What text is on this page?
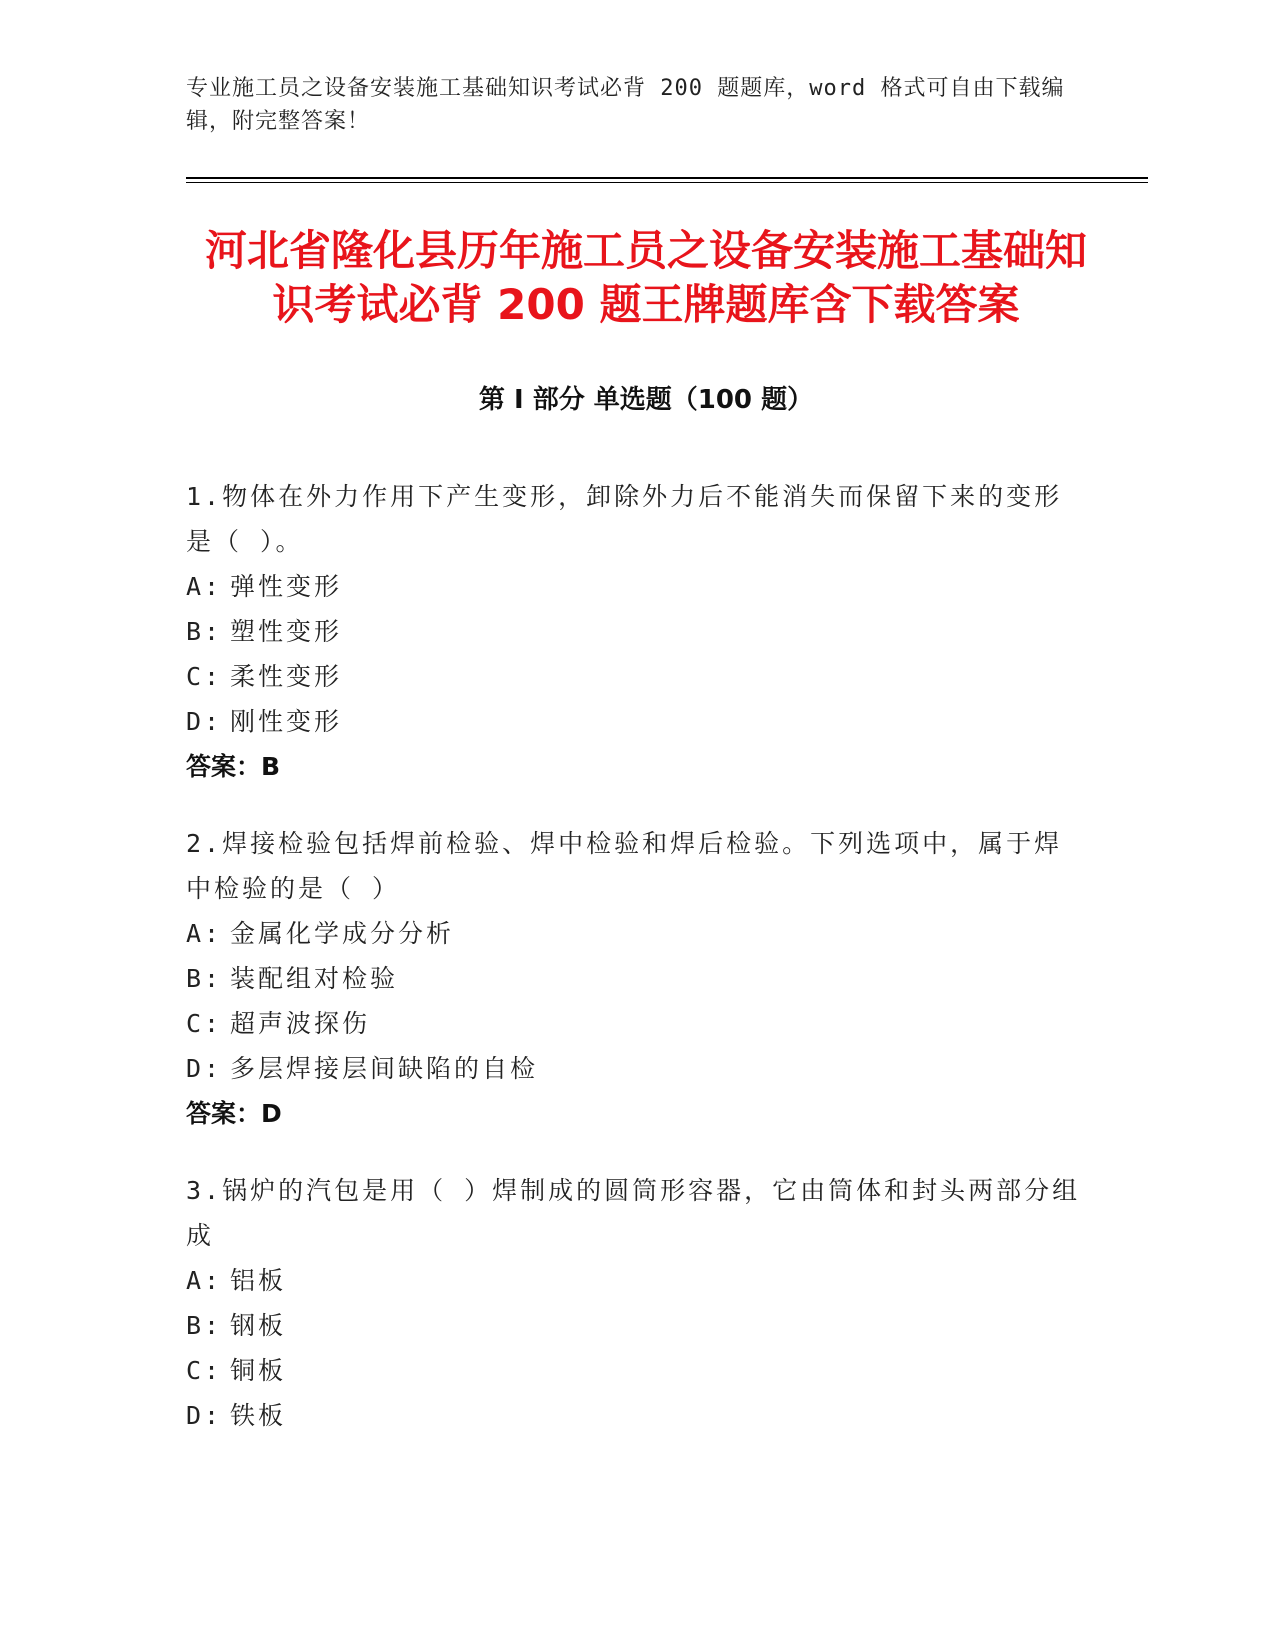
专业施工员之设备安装施工基础知识考试必背 200 题题库，word 格式可自由下载编辑，附完整答案！
河北省隆化县历年施工员之设备安装施工基础知识考试必背 200 题王牌题库含下载答案
第 I 部分 单选题（100 题）
1.物体在外力作用下产生变形，卸除外力后不能消失而保留下来的变形是（ ）。
A: 弹性变形
B: 塑性变形
C: 柔性变形
D: 刚性变形
答案：B
2.焊接检验包括焊前检验、焊中检验和焊后检验。下列选项中，属于焊中检验的是（ ）
A: 金属化学成分分析
B: 装配组对检验
C: 超声波探伤
D: 多层焊接层间缺陷的自检
答案：D
3.锅炉的汽包是用（ ）焊制成的圆筒形容器，它由筒体和封头两部分组成
A: 铝板
B: 钢板
C: 铜板
D: 铁板
